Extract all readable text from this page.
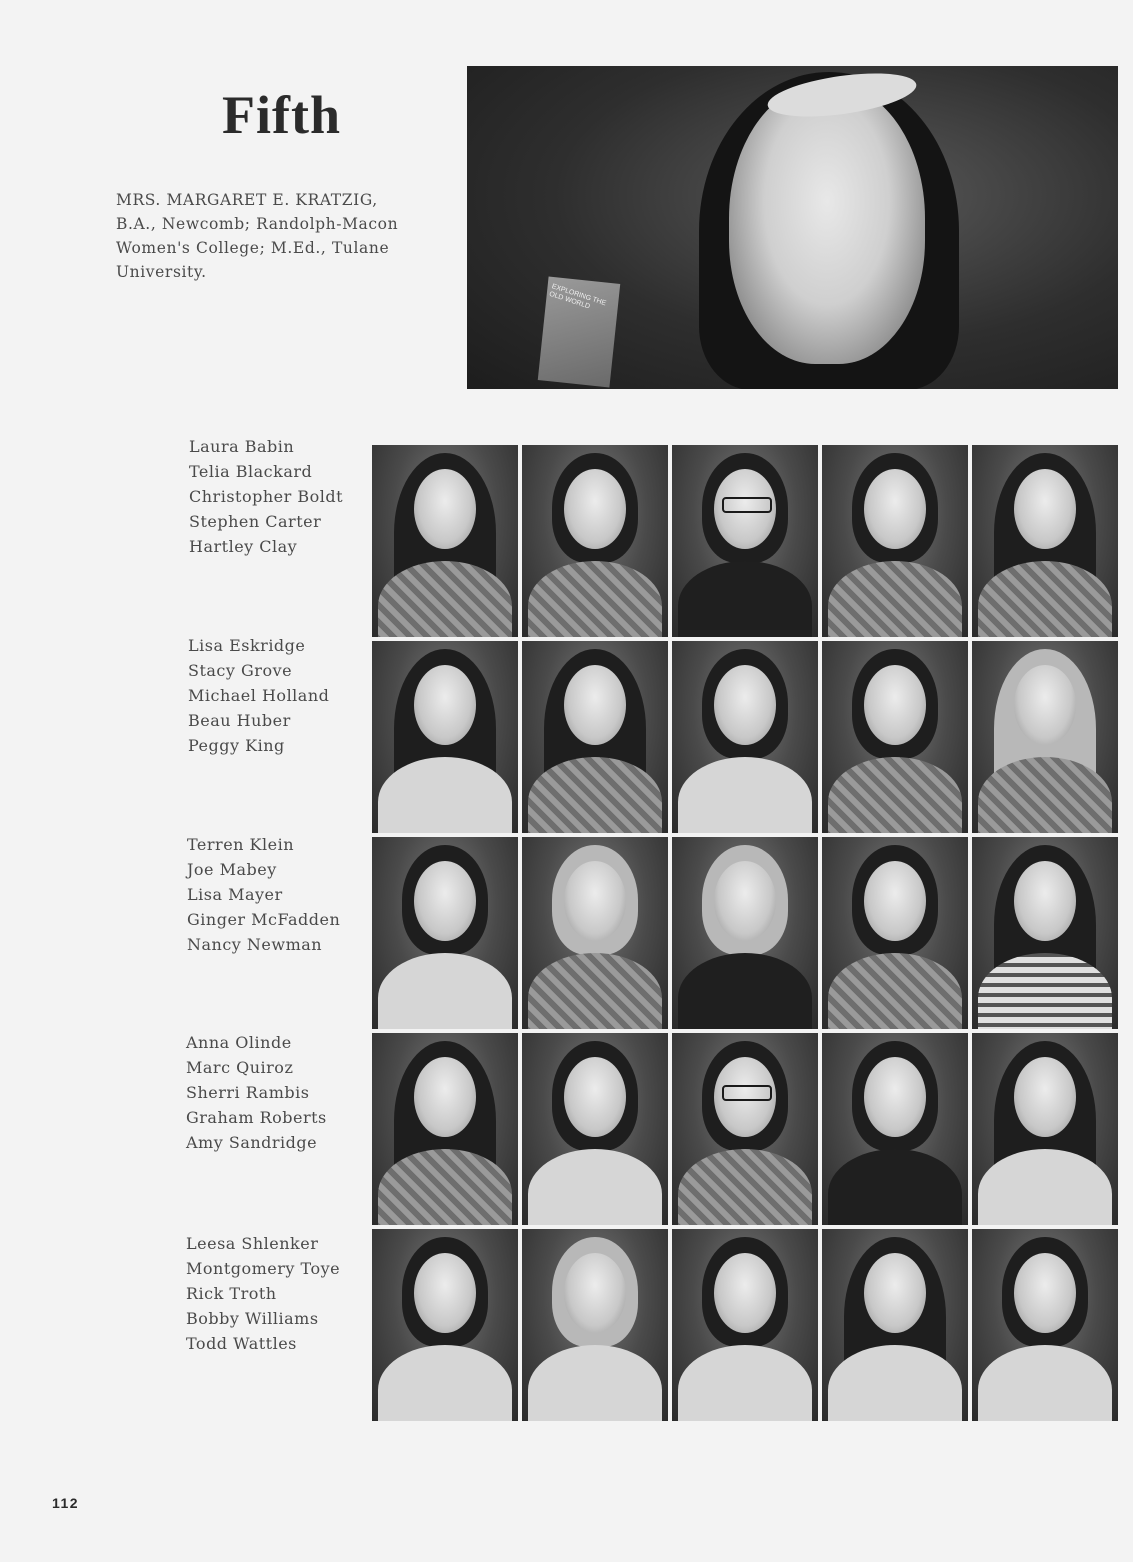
Fifth
MRS. MARGARET E. KRATZIG,
B.A., Newcomb; Randolph-Macon
Women's College; M.Ed., Tulane
University.
EXPLORING THE OLD WORLD
Laura Babin
Telia Blackard
Christopher Boldt
Stephen Carter
Hartley Clay
Lisa Eskridge
Stacy Grove
Michael Holland
Beau Huber
Peggy King
Terren Klein
Joe Mabey
Lisa Mayer
Ginger McFadden
Nancy Newman
Anna Olinde
Marc Quiroz
Sherri Rambis
Graham Roberts
Amy Sandridge
Leesa Shlenker
Montgomery Toye
Rick Troth
Bobby Williams
Todd Wattles
112
